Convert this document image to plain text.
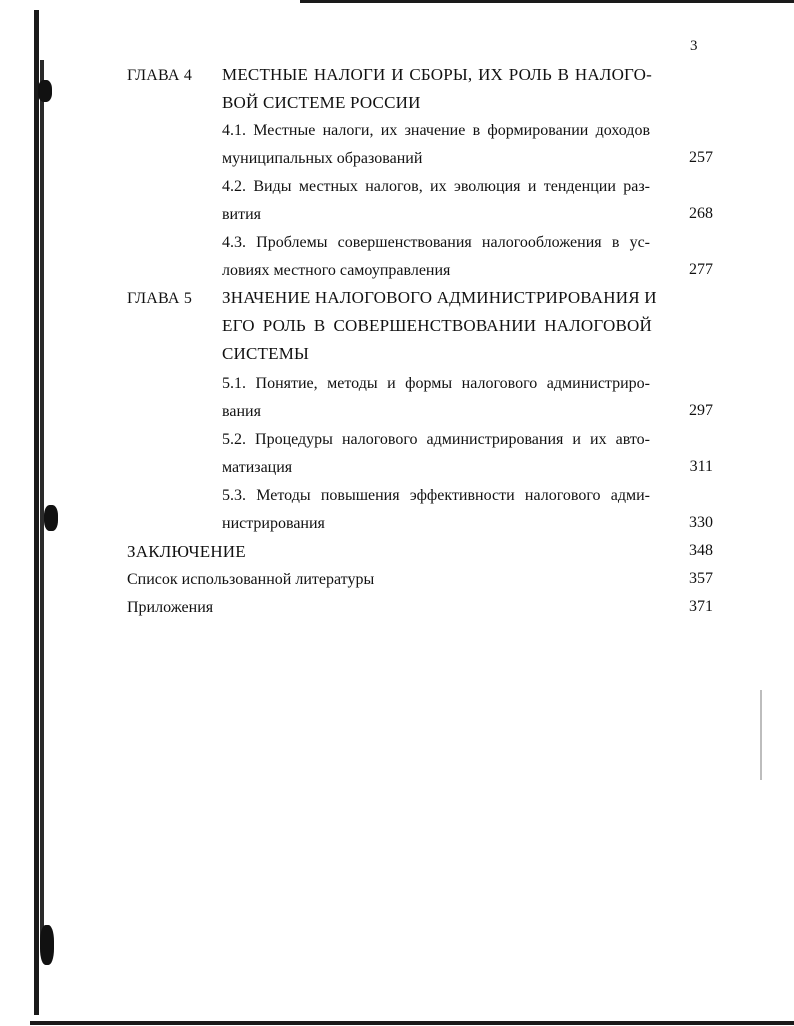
3
ГЛАВА 4 МЕСТНЫЕ НАЛОГИ И СБОРЫ, ИХ РОЛЬ В НАЛОГО-
ВОЙ СИСТЕМЕ РОССИИ
4.1. Местные налоги, их значение в формировании доходов
муниципальных образований	257
4.2. Виды местных налогов, их эволюция и тенденции раз-
вития	268
4.3. Проблемы совершенствования налогообложения в ус-
ловиях местного самоуправления	277
ГЛАВА 5 ЗНАЧЕНИЕ НАЛОГОВОГО АДМИНИСТРИРОВАНИЯ И
ЕГО РОЛЬ В СОВЕРШЕНСТВОВАНИИ НАЛОГОВОЙ
СИСТЕМЫ
5.1. Понятие, методы и формы налогового администриро-
вания	297
5.2. Процедуры налогового администрирования и их авто-
матизация	311
5.3. Методы повышения эффективности налогового адми-
нистрирования	330
ЗАКЛЮЧЕНИЕ	348
Список использованной литературы	357
Приложения	371
